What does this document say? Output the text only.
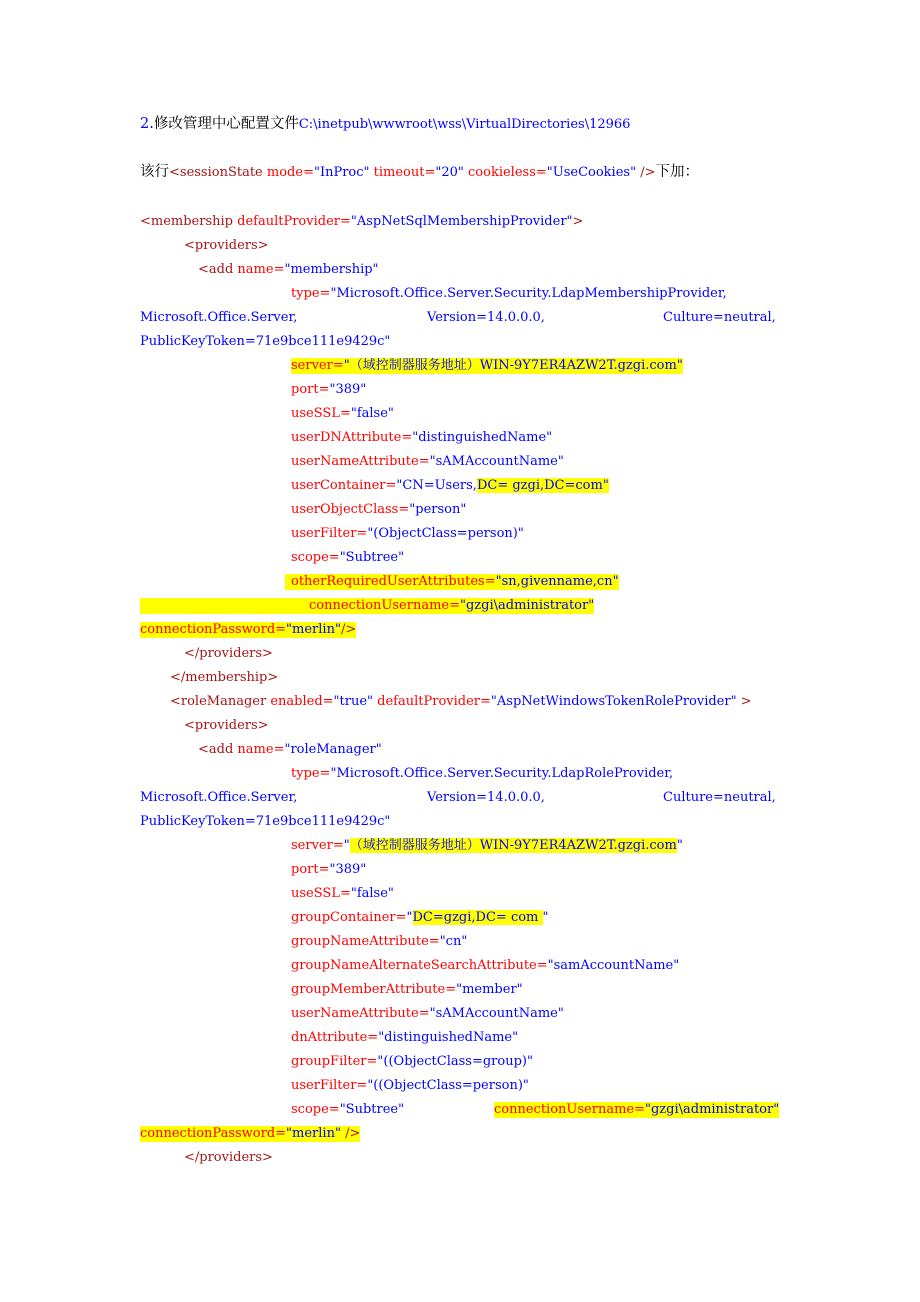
2.修改管理中心配置文件C:\inetpub\wwwroot\wss\VirtualDirectories\12966
该行<sessionState mode="InProc" timeout="20" cookieless="UseCookies" />下加：
<membership defaultProvider="AspNetSqlMembershipProvider">
<providers>
<add name="membership"
type="Microsoft.Office.Server.Security.LdapMembershipProvider,
Microsoft.Office.Server,	Version=14.0.0.0,	Culture=neutral,
PublicKeyToken=71e9bce111e9429c"
server="（域控制器服务地址）WIN-9Y7ER4AZW2T.gzgi.com"
port="389"
useSSL="false"
userDNAttribute="distinguishedName"
userNameAttribute="sAMAccountName"
userContainer="CN=Users,DC= gzgi,DC=com"
userObjectClass="person"
userFilter="(ObjectClass=person)"
scope="Subtree"
otherRequiredUserAttributes="sn,givenname,cn"
connectionUsername="gzgi\administrator"
connectionPassword="merlin"/>
</providers>
</membership>
<roleManager enabled="true" defaultProvider="AspNetWindowsTokenRoleProvider" >
<providers>
<add name="roleManager"
type="Microsoft.Office.Server.Security.LdapRoleProvider,
Microsoft.Office.Server,	Version=14.0.0.0,	Culture=neutral,
PublicKeyToken=71e9bce111e9429c"
server="（域控制器服务地址）WIN-9Y7ER4AZW2T.gzgi.com"
port="389"
useSSL="false"
groupContainer="DC=gzgi,DC= com "
groupNameAttribute="cn"
groupNameAlternateSearchAttribute="samAccountName"
groupMemberAttribute="member"
userNameAttribute="sAMAccountName"
dnAttribute="distinguishedName"
groupFilter="((ObjectClass=group)"
userFilter="((ObjectClass=person)"
scope="Subtree"	connectionUsername="gzgi\administrator"
connectionPassword="merlin" />
</providers>
